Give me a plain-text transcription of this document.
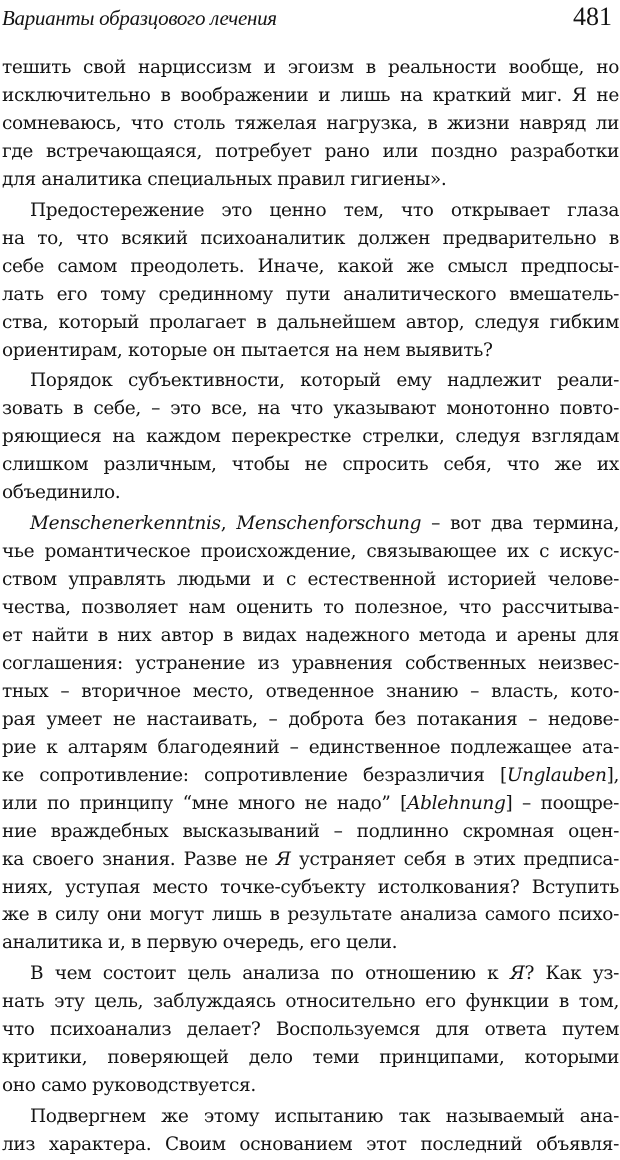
Варианты образцового лечения	481
тешить свой нарциссизм и эгоизм в реальности вообще, но
исключительно в воображении и лишь на краткий миг. Я не
сомневаюсь, что столь тяжелая нагрузка, в жизни навряд ли
где встречающаяся, потребует рано или поздно разработки
для аналитика специальных правил гигиены».
Предостережение это ценно тем, что открывает глаза
на то, что всякий психоаналитик должен предварительно в
себе самом преодолеть. Иначе, какой же смысл предпосы-
лать его тому срединному пути аналитического вмешатель-
ства, который пролагает в дальнейшем автор, следуя гибким
ориентирам, которые он пытается на нем выявить?
Порядок субъективности, который ему надлежит реали-
зовать в себе, – это все, на что указывают монотонно повто-
ряющиеся на каждом перекрестке стрелки, следуя взглядам
слишком различным, чтобы не спросить себя, что же их
объединило.
Menschenerkenntnis, Menschenforschung – вот два термина,
чье романтическое происхождение, связывающее их с искус-
ством управлять людьми и с естественной историей челове-
чества, позволяет нам оценить то полезное, что рассчитыва-
ет найти в них автор в видах надежного метода и арены для
соглашения: устранение из уравнения собственных неизвес-
тных – вторичное место, отведенное знанию – власть, кото-
рая умеет не настаивать, – доброта без потакания – недове-
рие к алтарям благодеяний – единственное подлежащее ата-
ке сопротивление: сопротивление безразличия [Unglauben],
или по принципу “мне много не надо” [Ablehnung] – поощре-
ние враждебных высказываний – подлинно скромная оцен-
ка своего знания. Разве не Я устраняет себя в этих предписа-
ниях, уступая место точке-субъекту истолкования? Вступить
же в силу они могут лишь в результате анализа самого психо-
аналитика и, в первую очередь, его цели.
В чем состоит цель анализа по отношению к Я? Как уз-
нать эту цель, заблуждаясь относительно его функции в том,
что психоанализ делает? Воспользуемся для ответа путем
критики, поверяющей дело теми принципами, которыми
оно само руководствуется.
Подвергнем же этому испытанию так называемый ана-
лиз характера. Своим основанием этот последний объявля-
